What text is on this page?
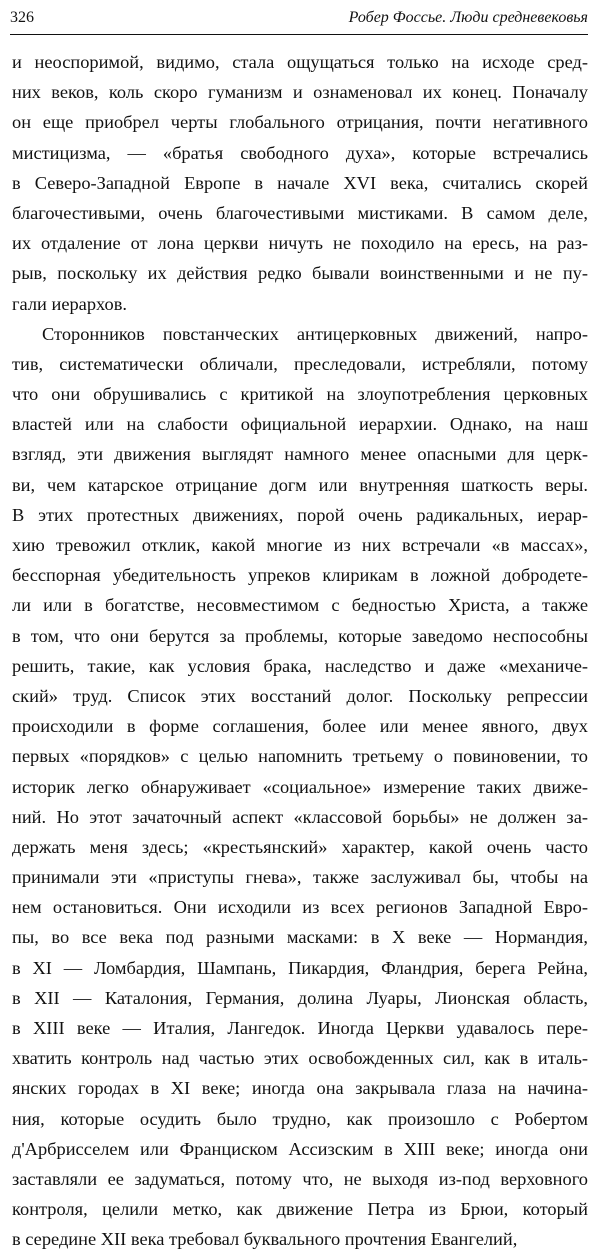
326	Робер Фоссье. Люди средневековья
и неоспоримой, видимо, стала ощущаться только на исходе сред-
них веков, коль скоро гуманизм и ознаменовал их конец. Поначалу
он еще приобрел черты глобального отрицания, почти негативного
мистицизма, — «братья свободного духа», которые встречались
в Северо-Западной Европе в начале XVI века, считались скорей
благочестивыми, очень благочестивыми мистиками. В самом деле,
их отдаление от лона церкви ничуть не походило на ересь, на раз-
рыв, поскольку их действия редко бывали воинственными и не пу-
гали иерархов.
Сторонников повстанческих антицерковных движений, напро-
тив, систематически обличали, преследовали, истребляли, потому
что они обрушивались с критикой на злоупотребления церковных
властей или на слабости официальной иерархии. Однако, на наш
взгляд, эти движения выглядят намного менее опасными для церк-
ви, чем катарское отрицание догм или внутренняя шаткость веры.
В этих протестных движениях, порой очень радикальных, иерар-
хию тревожил отклик, какой многие из них встречали «в массах»,
бесспорная убедительность упреков клирикам в ложной добродете-
ли или в богатстве, несовместимом с бедностью Христа, а также
в том, что они берутся за проблемы, которые заведомо неспособны
решить, такие, как условия брака, наследство и даже «механиче-
ский» труд. Список этих восстаний долог. Поскольку репрессии
происходили в форме соглашения, более или менее явного, двух
первых «порядков» с целью напомнить третьему о повиновении, то
историк легко обнаруживает «социальное» измерение таких движе-
ний. Но этот зачаточный аспект «классовой борьбы» не должен за-
держать меня здесь; «крестьянский» характер, какой очень часто
принимали эти «приступы гнева», также заслуживал бы, чтобы на
нем остановиться. Они исходили из всех регионов Западной Евро-
пы, во все века под разными масками: в X веке — Нормандия,
в XI — Ломбардия, Шампань, Пикардия, Фландрия, берега Рейна,
в XII — Каталония, Германия, долина Луары, Лионская область,
в XIII веке — Италия, Лангедок. Иногда Церкви удавалось пере-
хватить контроль над частью этих освобожденных сил, как в италь-
янских городах в XI веке; иногда она закрывала глаза на начина-
ния, которые осудить было трудно, как произошло с Робертом
д'Арбрисселем или Франциском Ассизским в XIII веке; иногда они
заставляли ее задуматься, потому что, не выходя из-под верховного
контроля, целили метко, как движение Петра из Брюи, который
в середине XII века требовал буквального прочтения Евангелий,
